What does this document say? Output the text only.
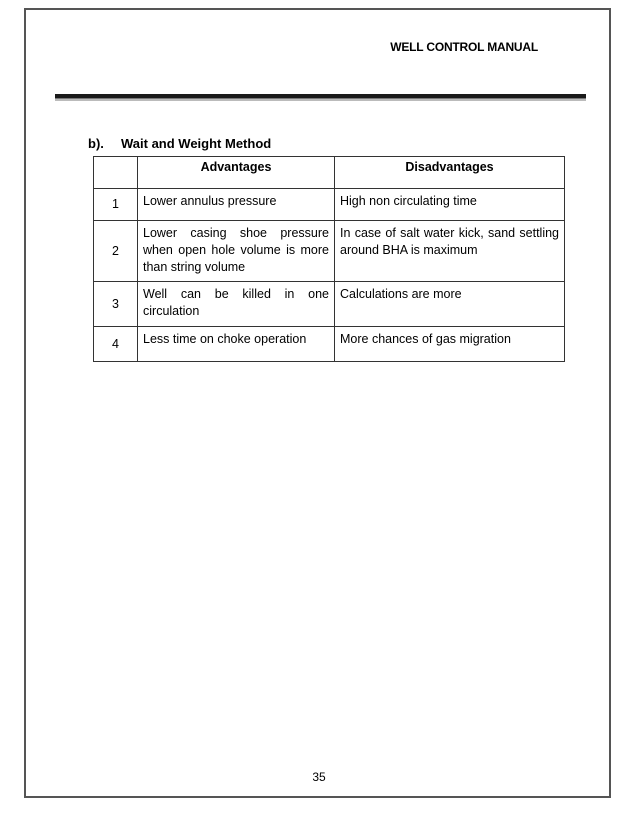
WELL CONTROL MANUAL
b). Wait and Weight Method
	Advantages	Disadvantages
1	Lower annulus pressure	High non circulating time
2	Lower casing shoe pressure when open hole volume is more than string volume	In case of salt water kick, sand settling around BHA is maximum
3	Well can be killed in one circulation	Calculations are more
4	Less time on choke operation	More chances of gas migration
35
